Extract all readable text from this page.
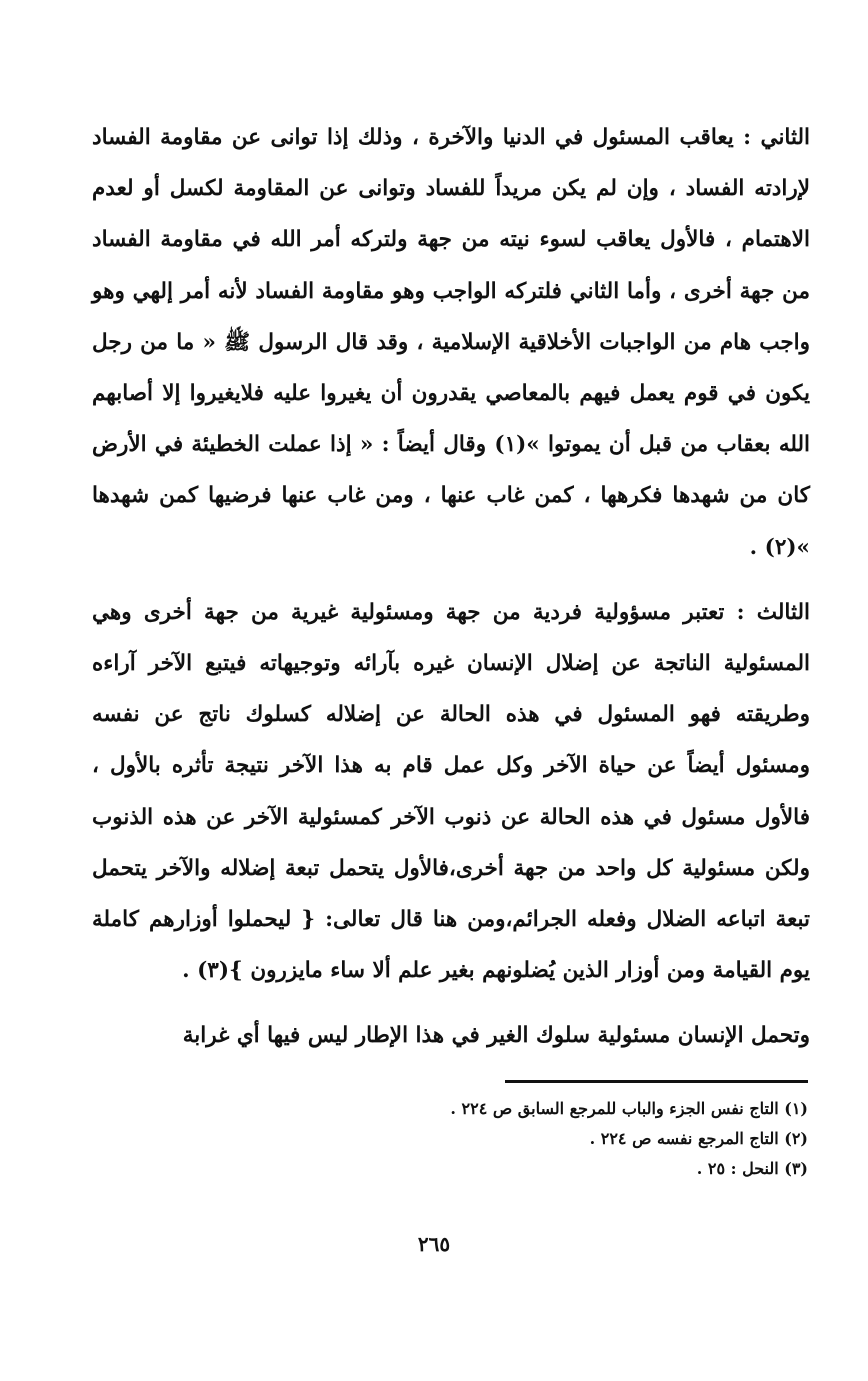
الثاني : يعاقب المسئول في الدنيا والآخرة ، وذلك إذا توانى عن مقاومة الفساد لإرادته الفساد ، وإن لم يكن مريداً للفساد وتوانى عن المقاومة لكسل أو لعدم الاهتمام ، فالأول يعاقب لسوء نيته من جهة ولتركه أمر الله في مقاومة الفساد من جهة أخرى ، وأما الثاني فلتركه الواجب وهو مقاومة الفساد لأنه أمر إلهي وهو واجب هام من الواجبات الأخلاقية الإسلامية ، وقد قال الرسول ﷺ « ما من رجل يكون في قوم يعمل فيهم بالمعاصي يقدرون أن يغيروا عليه فلايغيروا إلا أصابهم الله بعقاب من قبل أن يموتوا »(١) وقال أيضاً : « إذا عملت الخطيئة في الأرض كان من شهدها فكرهها ، كمن غاب عنها ، ومن غاب عنها فرضيها كمن شهدها »(٢) .

الثالث : تعتبر مسؤولية فردية من جهة ومسئولية غيرية من جهة أخرى وهي المسئولية الناتجة عن إضلال الإنسان غيره بآرائه وتوجيهاته فيتبع الآخر آراءه وطريقته فهو المسئول في هذه الحالة عن إضلاله كسلوك ناتج عن نفسه ومسئول أيضاً عن حياة الآخر وكل عمل قام به هذا الآخر نتيجة تأثره بالأول ، فالأول مسئول في هذه الحالة عن ذنوب الآخر كمسئولية الآخر عن هذه الذنوب ولكن مسئولية كل واحد من جهة أخرى،فالأول يتحمل تبعة إضلاله والآخر يتحمل تبعة اتباعه الضلال وفعله الجرائم،ومن هنا قال تعالى: { ليحملوا أوزارهم كاملة يوم القيامة ومن أوزار الذين يُضلونهم بغير علم ألا ساء مايزرون }(٣) .

وتحمل الإنسان مسئولية سلوك الغير في هذا الإطار ليس فيها أي غرابة

(١) التاج نفس الجزء والباب للمرجع السابق ص ٢٢٤ .

(٢) التاج المرجع نفسه ص ٢٢٤ .

(٣) النحل : ٢٥ .

٢٦٥
